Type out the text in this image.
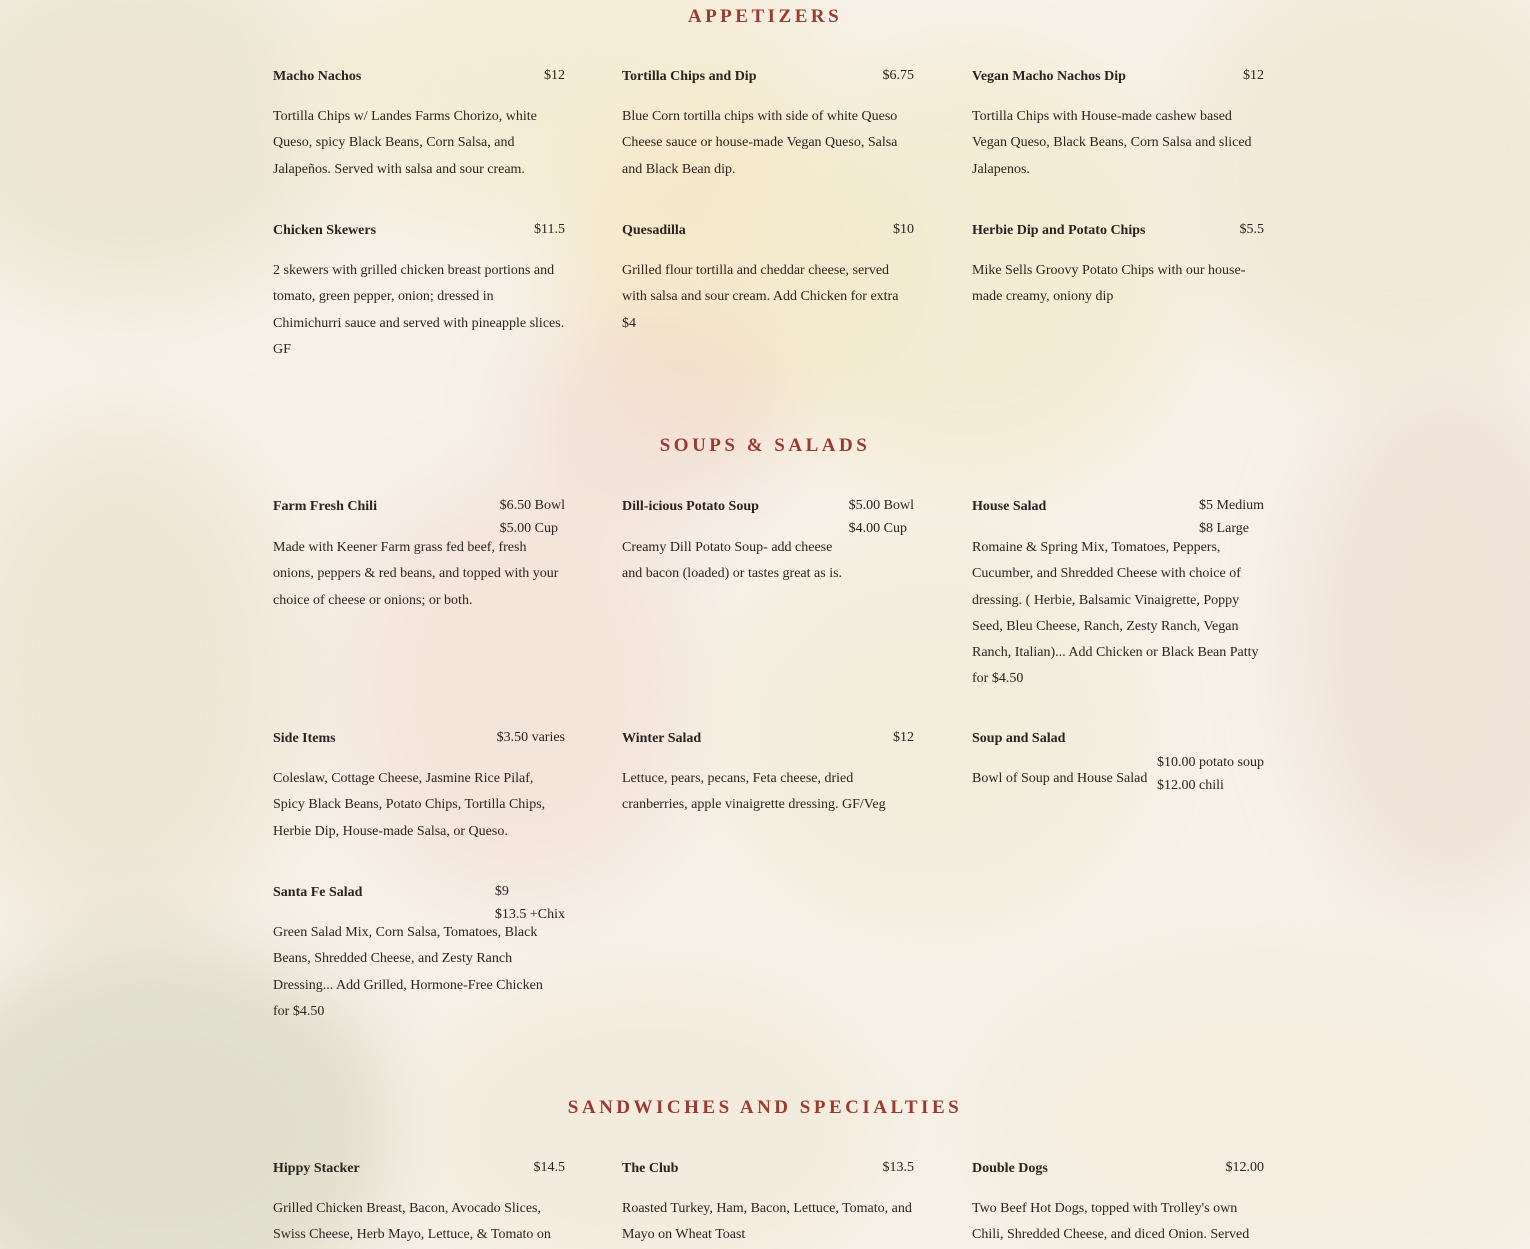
APPETIZERS
Macho Nachos	$12

Tortilla Chips w/ Landes Farms Chorizo, white Queso, spicy Black Beans, Corn Salsa, and Jalapeños. Served with salsa and sour cream.

Tortilla Chips and Dip	$6.75

Blue Corn tortilla chips with side of white Queso Cheese sauce or house-made Vegan Queso, Salsa and Black Bean dip.

Vegan Macho Nachos Dip	$12

Tortilla Chips with House-made cashew based Vegan Queso, Black Beans, Corn Salsa and sliced Jalapenos.

Chicken Skewers	$11.5

2 skewers with grilled chicken breast portions and tomato, green pepper, onion; dressed in Chimichurri sauce and served with pineapple slices. GF

Quesadilla	$10

Grilled flour tortilla and cheddar cheese, served with salsa and sour cream. Add Chicken for extra $4

Herbie Dip and Potato Chips	$5.5

Mike Sells Groovy Potato Chips with our house-made creamy, oniony dip

SOUPS & SALADS
Farm Fresh Chili	$6.50 Bowl
$5.00 Cup

Made with Keener Farm grass fed beef, fresh onions, peppers & red beans, and topped with your choice of cheese or onions; or both.

Dill-icious Potato Soup	$5.00 Bowl
$4.00 Cup

Creamy Dill Potato Soup- add cheese and bacon (loaded) or tastes great as is.

House Salad	$5 Medium
$8 Large

Romaine & Spring Mix, Tomatoes, Peppers, Cucumber, and Shredded Cheese with choice of dressing. ( Herbie, Balsamic Vinaigrette, Poppy Seed, Bleu Cheese, Ranch, Zesty Ranch, Vegan Ranch, Italian)... Add Chicken or Black Bean Patty for $4.50

Side Items	$3.50 varies

Coleslaw, Cottage Cheese, Jasmine Rice Pilaf, Spicy Black Beans, Potato Chips, Tortilla Chips, Herbie Dip, House-made Salsa, or Queso.

Winter Salad	$12

Lettuce, pears, pecans, Feta cheese, dried cranberries, apple vinaigrette dressing. GF/Veg

Soup and Salad
$10.00 potato soup
$12.00 chili

Bowl of Soup and House Salad

Santa Fe Salad	$9
$13.5 +Chix

Green Salad Mix, Corn Salsa, Tomatoes, Black Beans, Shredded Cheese, and Zesty Ranch Dressing... Add Grilled, Hormone-Free Chicken for $4.50

SANDWICHES AND SPECIALTIES
Hippy Stacker	$14.5

Grilled Chicken Breast, Bacon, Avocado Slices, Swiss Cheese, Herb Mayo, Lettuce, & Tomato on

The Club	$13.5

Roasted Turkey, Ham, Bacon, Lettuce, Tomato, and Mayo on Wheat Toast

Double Dogs	$12.00

Two Beef Hot Dogs, topped with Trolley's own Chili, Shredded Cheese, and diced Onion. Served
